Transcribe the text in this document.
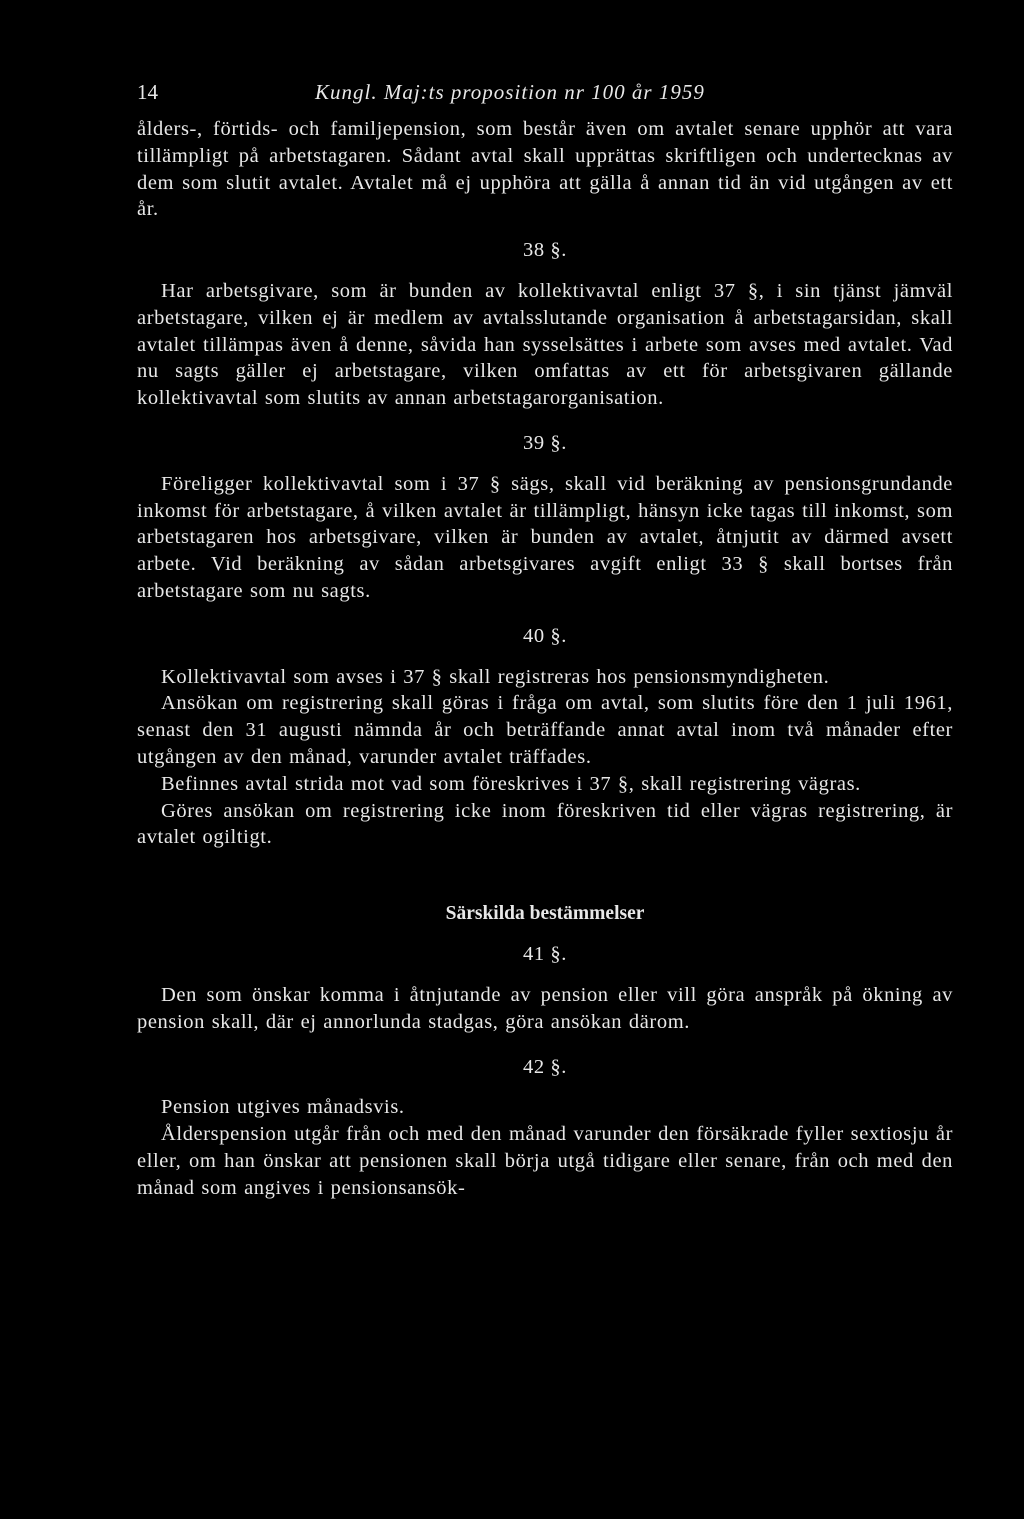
14	Kungl. Maj:ts proposition nr 100 år 1959

ålders-, förtids- och familjepension, som består även om avtalet senare upphör att vara tillämpligt på arbetstagaren. Sådant avtal skall upprättas skriftligen och undertecknas av dem som slutit avtalet. Avtalet må ej upphöra att gälla å annan tid än vid utgången av ett år.

38 §.

Har arbetsgivare, som är bunden av kollektivavtal enligt 37 §, i sin tjänst jämväl arbetstagare, vilken ej är medlem av avtalsslutande organisation å arbetstagarsidan, skall avtalet tillämpas även å denne, såvida han sysselsättes i arbete som avses med avtalet. Vad nu sagts gäller ej arbetstagare, vilken omfattas av ett för arbetsgivaren gällande kollektivavtal som slutits av annan arbetstagarorganisation.

39 §.

Föreligger kollektivavtal som i 37 § sägs, skall vid beräkning av pensionsgrundande inkomst för arbetstagare, å vilken avtalet är tillämpligt, hänsyn icke tagas till inkomst, som arbetstagaren hos arbetsgivare, vilken är bunden av avtalet, åtnjutit av därmed avsett arbete. Vid beräkning av sådan arbetsgivares avgift enligt 33 § skall bortses från arbetstagare som nu sagts.

40 §.

Kollektivavtal som avses i 37 § skall registreras hos pensionsmyndigheten.

Ansökan om registrering skall göras i fråga om avtal, som slutits före den 1 juli 1961, senast den 31 augusti nämnda år och beträffande annat avtal inom två månader efter utgången av den månad, varunder avtalet träffades.

Befinnes avtal strida mot vad som föreskrives i 37 §, skall registrering vägras.

Göres ansökan om registrering icke inom föreskriven tid eller vägras registrering, är avtalet ogiltigt.

Särskilda bestämmelser
41 §.

Den som önskar komma i åtnjutande av pension eller vill göra anspråk på ökning av pension skall, där ej annorlunda stadgas, göra ansökan därom.

42 §.

Pension utgives månadsvis.

Ålderspension utgår från och med den månad varunder den försäkrade fyller sextiosju år eller, om han önskar att pensionen skall börja utgå tidigare eller senare, från och med den månad som angives i pensionsansök-
